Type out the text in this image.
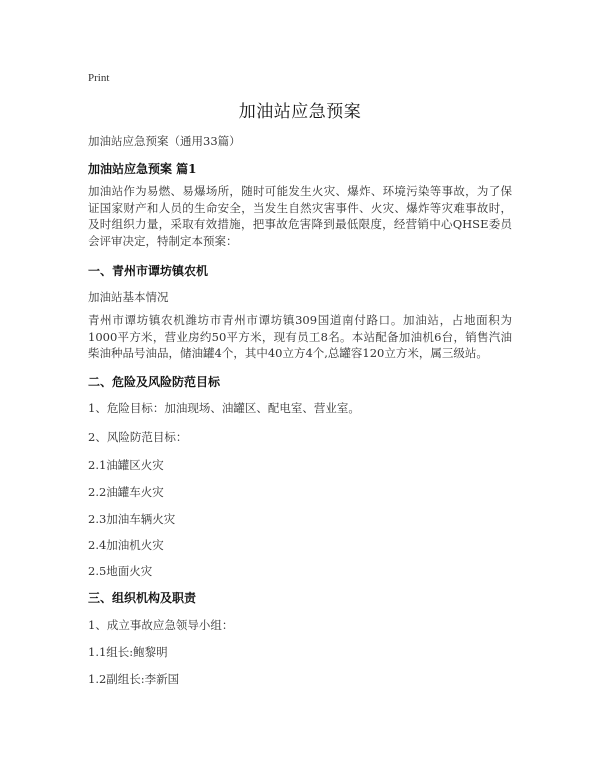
Print
加油站应急预案
加油站应急预案（通用33篇）
加油站应急预案 篇1

加油站作为易燃、易爆场所，随时可能发生火灾、爆炸、环境污染等事故，为了保证国家财产和人员的生命安全，当发生自然灾害事件、火灾、爆炸等灾难事故时，及时组织力量，采取有效措施，把事故危害降到最低限度，经营销中心QHSE委员会评审决定，特制定本预案：

一、青州市谭坊镇农机

加油站基本情况

青州市谭坊镇农机潍坊市青州市谭坊镇309国道南付路口。加油站，占地面积为1000平方米，营业房约50平方米，现有员工8名。本站配备加油机6台，销售汽油柴油种品号油品，储油罐4个，其中40立方4个,总罐容120立方米，属三级站。

二、危险及风险防范目标

1、危险目标：加油现场、油罐区、配电室、营业室。

2、风险防范目标：

2.1油罐区火灾

2.2油罐车火灾

2.3加油车辆火灾

2.4加油机火灾

2.5地面火灾

三、组织机构及职责

1、成立事故应急领导小组：

1.1组长:鲍黎明

1.2副组长:李新国
